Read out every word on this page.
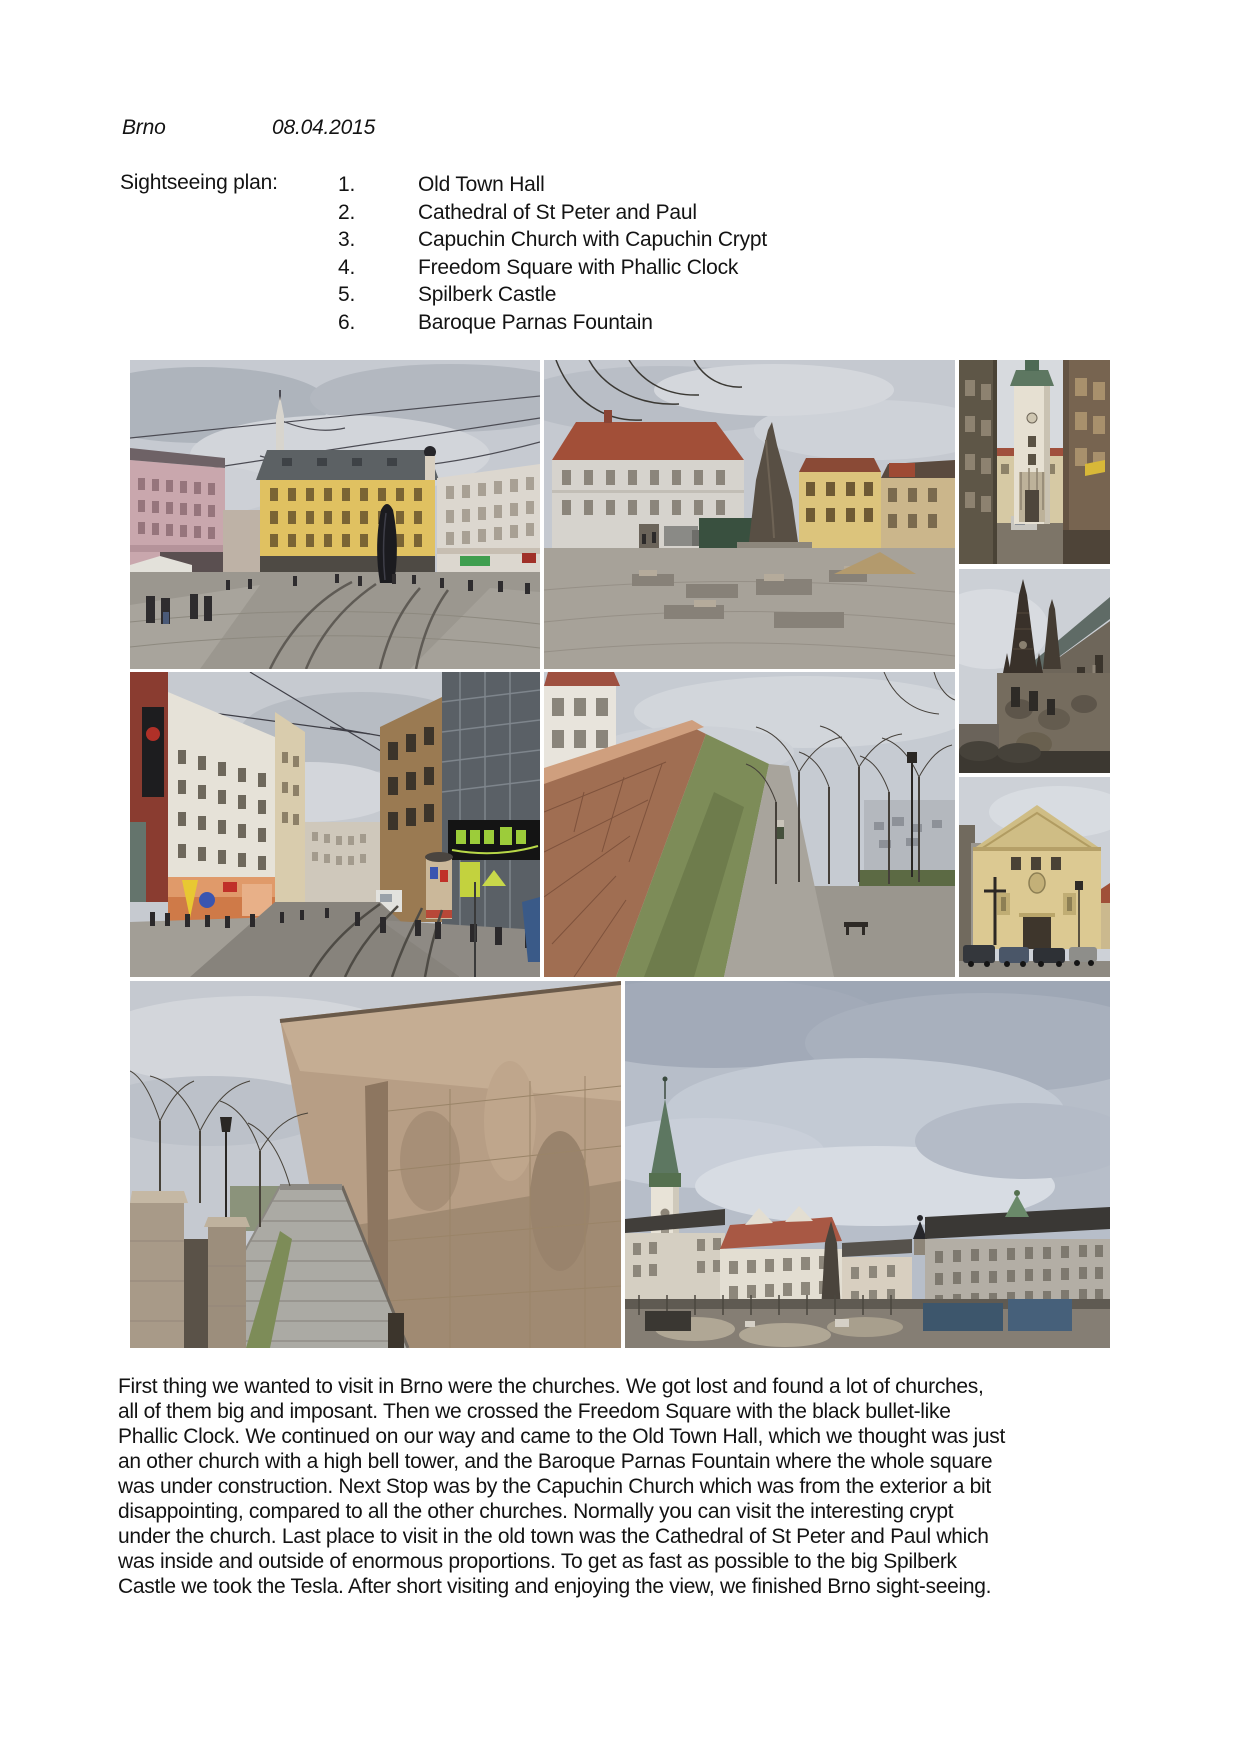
Brno	08.04.2015
Sightseeing plan:	1.	Old Town Hall
2.	Cathedral of St Peter and Paul
3.	Capuchin Church with Capuchin Crypt
4.	Freedom Square with Phallic Clock
5.	Spilberk Castle
6.	Baroque Parnas Fountain
First thing we wanted to visit in Brno were the churches. We got lost and found a lot of churches,
all of them big and imposant. Then we crossed the Freedom Square with the black bullet-like
Phallic Clock. We continued on our way and came to the Old Town Hall, which we thought was just
an other church with a high bell tower, and the Baroque Parnas Fountain where the whole square
was under construction. Next Stop was by the Capuchin Church which was from the exterior a bit
disappointing, compared to all the other churches. Normally you can visit the interesting crypt
under the church. Last place to visit in the old town was the Cathedral of St Peter and Paul which
was inside and outside of enormous proportions. To get as fast as possible to the big Spilberk
Castle we took the Tesla. After short visiting and enjoying the view, we finished Brno sight-seeing.
